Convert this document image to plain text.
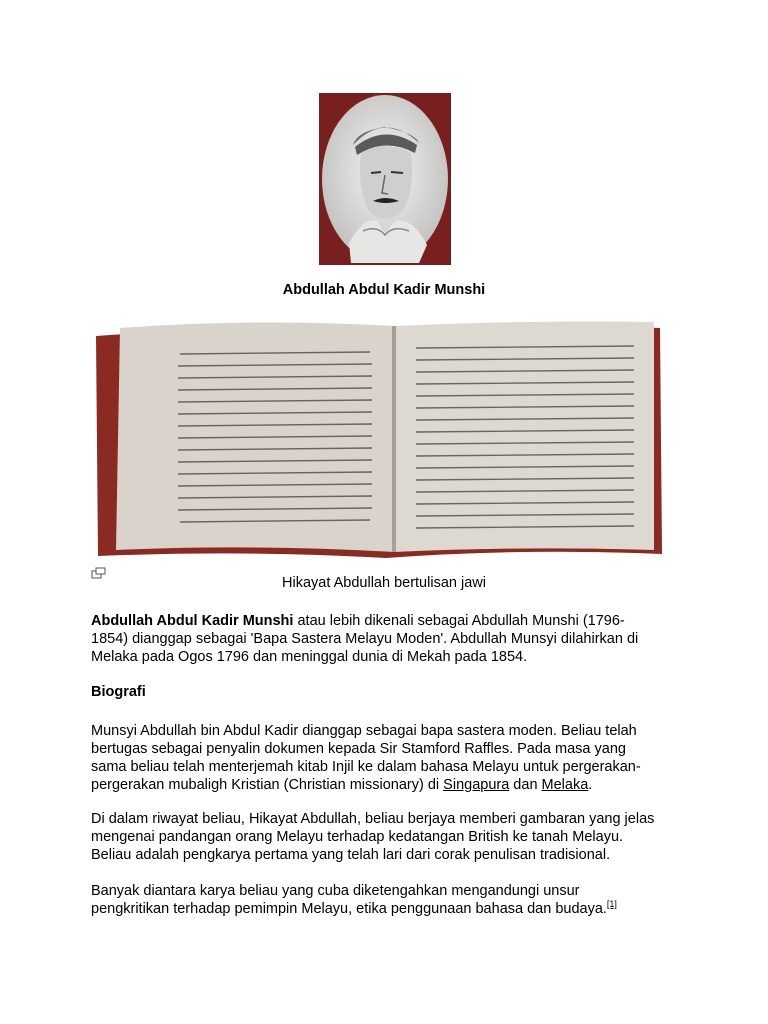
Abdullah Abdul Kadir Munshi
Hikayat Abdullah bertulisan jawi
Abdullah Abdul Kadir Munshi atau lebih dikenali sebagai Abdullah Munshi (1796-
1854) dianggap sebagai 'Bapa Sastera Melayu Moden'. Abdullah Munsyi dilahirkan di
Melaka pada Ogos 1796 dan meninggal dunia di Mekah pada 1854.
Biografi
Munsyi Abdullah bin Abdul Kadir dianggap sebagai bapa sastera moden. Beliau telah
bertugas sebagai penyalin dokumen kepada Sir Stamford Raffles. Pada masa yang
sama beliau telah menterjemah kitab Injil ke dalam bahasa Melayu untuk pergerakan-
pergerakan mubaligh Kristian (Christian missionary) di Singapura dan Melaka.
Di dalam riwayat beliau, Hikayat Abdullah, beliau berjaya memberi gambaran yang jelas
mengenai pandangan orang Melayu terhadap kedatangan British ke tanah Melayu.
Beliau adalah pengkarya pertama yang telah lari dari corak penulisan tradisional.
Banyak diantara karya beliau yang cuba diketengahkan mengandungi unsur
pengkritikan terhadap pemimpin Melayu, etika penggunaan bahasa dan budaya.[1]
